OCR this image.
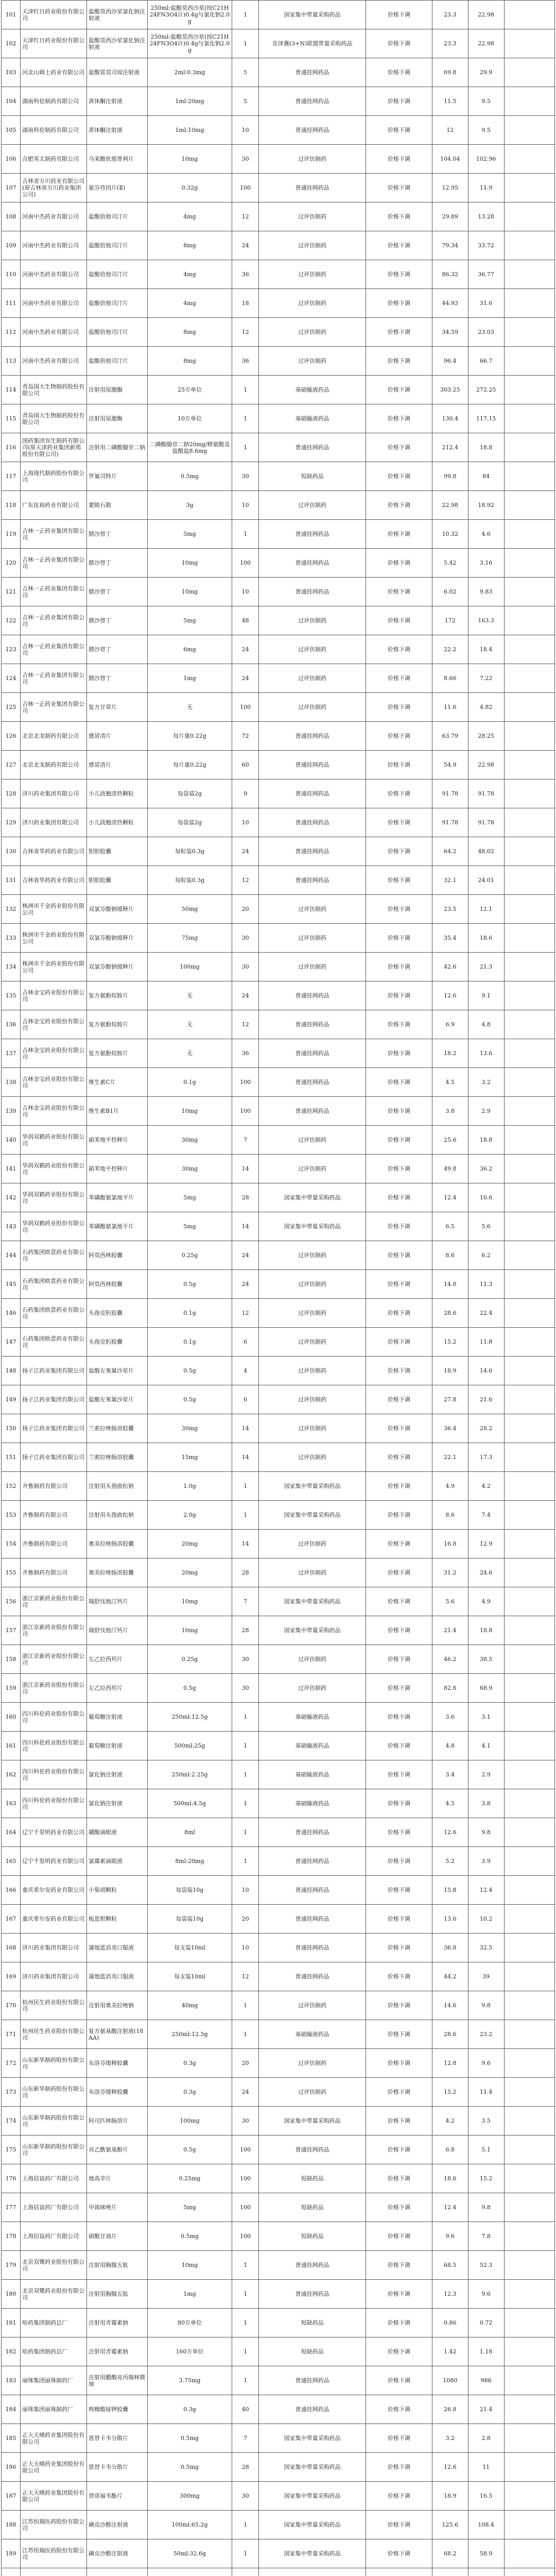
101	天津红日药业股份有限公司	盐酸莫西沙星氯化钠注射液	250ml:盐酸莫西沙星(按C21H24FN3O4计)0.4g与氯化钠2.0g	1	国家集中带量采购药品	价格下调	23.3	22.98	
102	天津红日药业股份有限公司	盐酸莫西沙星氯化钠注射液	250ml:盐酸莫西沙星(按C21H24FN3O4计)0.4g与氯化钠2.0g	1	京津冀(3+N)联盟带量采购药品	价格下调	23.3	22.98	
103	河北山姆士药业有限公司	盐酸雷莫司琼注射液	2ml:0.3mg	5	普通挂网药品	价格下调	69.8	29.9	
104	湖南科伦制药有限公司	黄体酮注射液	1ml:20mg	5	普通挂网药品	价格下调	11.5	9.5	
105	湖南科伦制药有限公司	黄体酮注射液	1ml:10mg	10	普通挂网药品	价格下调	12	9.5	
106	合肥英太制药有限公司	马来酸依那普利片	10mg	30	过评仿制药	价格下调	104.04	102.96	
107	吉林省万川药业有限公司(原吉林省万川药业集团公司)	氨芬待因片(Ⅱ)	0.32g	100	普通挂网药品	价格下调	12.95	11.9	
108	河南中杰药业有限公司	盐酸倍他司汀片	4mg	12	过评仿制药	价格下调	29.89	13.28	
109	河南中杰药业有限公司	盐酸倍他司汀片	8mg	24	过评仿制药	价格下调	79.34	33.72	
110	河南中杰药业有限公司	盐酸倍他司汀片	4mg	36	过评仿制药	价格下调	86.32	36.77	
111	河南中杰药业有限公司	盐酸倍他司汀片	4mg	18	过评仿制药	价格下调	44.93	31.6	
112	河南中杰药业有限公司	盐酸倍他司汀片	8mg	12	过评仿制药	价格下调	34.59	23.03	
113	河南中杰药业有限公司	盐酸倍他司汀片	8mg	36	过评仿制药	价格下调	96.4	66.7	
114	青岛国大生物制药股份有限公司	注射用尿激酶	25万单位	1	基础输液药品	价格下调	303.25	272.25	
115	青岛国大生物制药股份有限公司	注射用尿激酶	10万单位	1	基础输液药品	价格下调	130.4	117.15	
116	国药集团容生制药有限公司(原天津药业集团新郑股份有限公司)	注射用二磷酸腺苷二钠	二磷酸腺苷二钠20mg/精氨酸及盐酸盐8.6mg	1	普通挂网药品	价格下调	212.4	18.8	
117	上海现代制药股份有限公司	罗氟司特片	0.5mg	30	短缺药品	价格下调	99.8	84	
118	广东伍裕药业有限公司	蒙脱石散	3g	10	过评仿制药	价格下调	22.98	18.92	
119	吉林一正药业集团有限公司	腈沙替丁	5mg	1	普通挂网药品	价格下调	10.32	4.6	
120	吉林一正药业集团有限公司	腈沙替丁	10mg	100	普通挂网药品	价格下调	5.42	3.16	
121	吉林一正药业集团有限公司	腈沙替丁	10mg	10	普通挂网药品	价格下调	6.02	9.83	
122	吉林一正药业集团有限公司	腈沙替丁	5mg	48	过评仿制药	价格下调	172	163.3	
123	吉林一正药业集团有限公司	腈沙替丁	6mg	24	过评仿制药	价格下调	22.2	18.4	
124	吉林一正药业集团有限公司	腈沙替丁	1mg	24	过评仿制药	价格下调	8.66	7.22	
125	吉林一正药业集团有限公司	复方甘草片	无	100	过评仿制药	价格下调	11.6	4.82	
126	北京北龙制药有限公司	感冒清片	每片重0.22g	72	普通挂网药品	价格下调	63.79	28.25	
127	北京北龙制药有限公司	感冒清片	每片重0.22g	60	普通挂网药品	价格下调	54.9	22.98	
128	济川药业集团有限公司	小儿豉翘清热颗粒	每袋装2g	9	普通挂网药品	价格下调	91.78	91.78	
129	济川药业集团有限公司	小儿豉翘清热颗粒	每袋装2g	10	普通挂网药品	价格下调	91.78	91.78	
130	吉林省华药药业有限公司	胆胆胶囊	每粒装0.3g	24	普通挂网药品	价格下调	64.2	48.02	
131	吉林省华药药业有限公司	胆胆胶囊	每粒装0.3g	12	普通挂网药品	价格下调	32.1	24.01	
132	株洲市千金药业股份有限公司	双氯芬酸钠缓释片	50mg	20	过评仿制药	价格下调	23.5	12.1	
133	株洲市千金药业股份有限公司	双氯芬酸钠缓释片	75mg	30	过评仿制药	价格下调	35.4	18.6	
134	株洲市千金药业股份有限公司	双氯芬酸钠缓释片	100mg	30	过评仿制药	价格下调	42.6	21.3	
135	吉林金宝药业股份有限公司	复方氨酚烷胺片	无	24	普通挂网药品	价格下调	12.6	9.1	
136	吉林金宝药业股份有限公司	复方氨酚烷胺片	无	12	普通挂网药品	价格下调	6.9	4.8	
137	吉林金宝药业股份有限公司	复方氨酚烷胺片	无	36	普通挂网药品	价格下调	18.2	13.6	
138	吉林金宝药业股份有限公司	维生素C片	0.1g	100	普通挂网药品	价格下调	4.5	3.2	
139	吉林金宝药业股份有限公司	维生素B1片	10mg	100	普通挂网药品	价格下调	3.8	2.9	
140	华润双鹤药业股份有限公司	硝苯地平控释片	30mg	7	过评仿制药	价格下调	25.6	18.8	
141	华润双鹤药业股份有限公司	硝苯地平控释片	30mg	14	过评仿制药	价格下调	49.8	36.2	
142	华润双鹤药业股份有限公司	苯磺酸氨氯地平片	5mg	28	国家集中带量采购药品	价格下调	12.4	10.6	
143	华润双鹤药业股份有限公司	苯磺酸氨氯地平片	5mg	14	国家集中带量采购药品	价格下调	6.5	5.6	
144	石药集团欧意药业有限公司	阿莫西林胶囊	0.25g	24	过评仿制药	价格下调	8.6	6.2	
145	石药集团欧意药业有限公司	阿莫西林胶囊	0.5g	24	过评仿制药	价格下调	14.8	11.3	
146	石药集团欧意药业有限公司	头孢克肟胶囊	0.1g	12	过评仿制药	价格下调	28.6	22.4	
147	石药集团欧意药业有限公司	头孢克肟胶囊	0.1g	6	过评仿制药	价格下调	15.2	11.8	
148	扬子江药业集团有限公司	盐酸左氧氟沙星片	0.5g	4	过评仿制药	价格下调	18.9	14.6	
149	扬子江药业集团有限公司	盐酸左氧氟沙星片	0.5g	6	过评仿制药	价格下调	27.8	21.6	
150	扬子江药业集团有限公司	兰索拉唑肠溶胶囊	30mg	14	过评仿制药	价格下调	36.4	28.2	
151	扬子江药业集团有限公司	兰索拉唑肠溶胶囊	15mg	14	过评仿制药	价格下调	22.1	17.3	
152	齐鲁制药有限公司	注射用头孢曲松钠	1.0g	1	国家集中带量采购药品	价格下调	4.9	4.2	
153	齐鲁制药有限公司	注射用头孢曲松钠	2.0g	1	国家集中带量采购药品	价格下调	8.6	7.4	
154	齐鲁制药有限公司	奥美拉唑肠溶胶囊	20mg	14	过评仿制药	价格下调	16.8	12.9	
155	齐鲁制药有限公司	奥美拉唑肠溶胶囊	20mg	28	过评仿制药	价格下调	31.2	24.6	
156	浙江京新药业股份有限公司	瑞舒伐他汀钙片	10mg	7	国家集中带量采购药品	价格下调	5.6	4.9	
157	浙江京新药业股份有限公司	瑞舒伐他汀钙片	10mg	28	国家集中带量采购药品	价格下调	21.4	18.8	
158	浙江京新药业股份有限公司	左乙拉西坦片	0.25g	30	过评仿制药	价格下调	46.2	38.5	
159	浙江京新药业股份有限公司	左乙拉西坦片	0.5g	30	过评仿制药	价格下调	82.6	68.9	
160	四川科伦药业股份有限公司	葡萄糖注射液	250ml:12.5g	1	基础输液药品	价格下调	3.6	3.1	
161	四川科伦药业股份有限公司	葡萄糖注射液	500ml:25g	1	基础输液药品	价格下调	4.8	4.1	
162	四川科伦药业股份有限公司	氯化钠注射液	250ml:2.25g	1	基础输液药品	价格下调	3.4	2.9	
163	四川科伦药业股份有限公司	氯化钠注射液	500ml:4.5g	1	基础输液药品	价格下调	4.5	3.8	
164	辽宁千里明药业有限公司	硼酸滴眼液	8ml	1	普通挂网药品	价格下调	12.6	9.8	
165	辽宁千里明药业有限公司	氯霉素滴眼液	8ml:20mg	1	普通挂网药品	价格下调	5.2	3.9	
166	重庆希尔安药业有限公司	小柴胡颗粒	每袋装10g	10	普通挂网药品	价格下调	15.8	12.4	
167	重庆希尔安药业有限公司	板蓝根颗粒	每袋装10g	20	普通挂网药品	价格下调	13.6	10.2	
168	济川药业集团有限公司	蒲地蓝消炎口服液	每支装10ml	10	普通挂网药品	价格下调	36.8	32.5	
169	济川药业集团有限公司	蒲地蓝消炎口服液	每支装10ml	12	普通挂网药品	价格下调	44.2	39	
170	杭州民生药业股份有限公司	注射用奥美拉唑钠	40mg	1	过评仿制药	价格下调	14.6	9.8	
171	杭州民生药业股份有限公司	复方氨基酸注射液(18AA)	250ml:12.5g	1	基础输液药品	价格下调	28.6	23.2	
172	山东新华制药股份有限公司	布洛芬缓释胶囊	0.3g	20	过评仿制药	价格下调	12.8	9.6	
173	山东新华制药股份有限公司	布洛芬缓释胶囊	0.3g	24	过评仿制药	价格下调	15.2	11.4	
174	山东新华制药股份有限公司	阿司匹林肠溶片	100mg	30	国家集中带量采购药品	价格下调	4.2	3.5	
175	山东新华制药股份有限公司	对乙酰氨基酚片	0.5g	100	普通挂网药品	价格下调	6.8	5.1	
176	上海信谊药厂有限公司	地高辛片	0.25mg	100	短缺药品	价格下调	18.6	15.2	
177	上海信谊药厂有限公司	甲巯咪唑片	5mg	100	短缺药品	价格下调	12.4	9.8	
178	上海信谊药厂有限公司	硝酸甘油片	0.5mg	100	短缺药品	价格下调	9.6	7.8	
179	北京双鹭药业股份有限公司	注射用胸腺五肽	10mg	1	普通挂网药品	价格下调	68.5	52.3	
180	北京双鹭药业股份有限公司	注射用胸腺五肽	1mg	1	普通挂网药品	价格下调	12.3	9.6	
181	哈药集团制药总厂	注射用青霉素钠	80万单位	1	短缺药品	价格下调	0.86	0.72	
182	哈药集团制药总厂	注射用青霉素钠	160万单位	1	短缺药品	价格下调	1.42	1.18	
183	丽珠集团丽珠制药厂	注射用醋酸亮丙瑞林微球	3.75mg	1	普通挂网药品	价格下调	1080	986	
184	丽珠集团丽珠制药厂	枸橼酸铋钾胶囊	0.3g	40	普通挂网药品	价格下调	26.8	21.4	
185	正大天晴药业集团股份有限公司	恩替卡韦分散片	0.5mg	7	国家集中带量采购药品	价格下调	3.2	2.8	
186	正大天晴药业集团股份有限公司	恩替卡韦分散片	0.5mg	28	国家集中带量采购药品	价格下调	12.6	11	
187	正大天晴药业集团股份有限公司	替诺福韦酯片	300mg	30	国家集中带量采购药品	价格下调	18.9	16.5	
188	江苏恒瑞医药股份有限公司	碘克沙醇注射液	100ml:65.2g	1	国家集中带量采购药品	价格下调	125.6	108.4	
189	江苏恒瑞医药股份有限公司	碘克沙醇注射液	50ml:32.6g	1	国家集中带量采购药品	价格下调	68.2	58.9	
